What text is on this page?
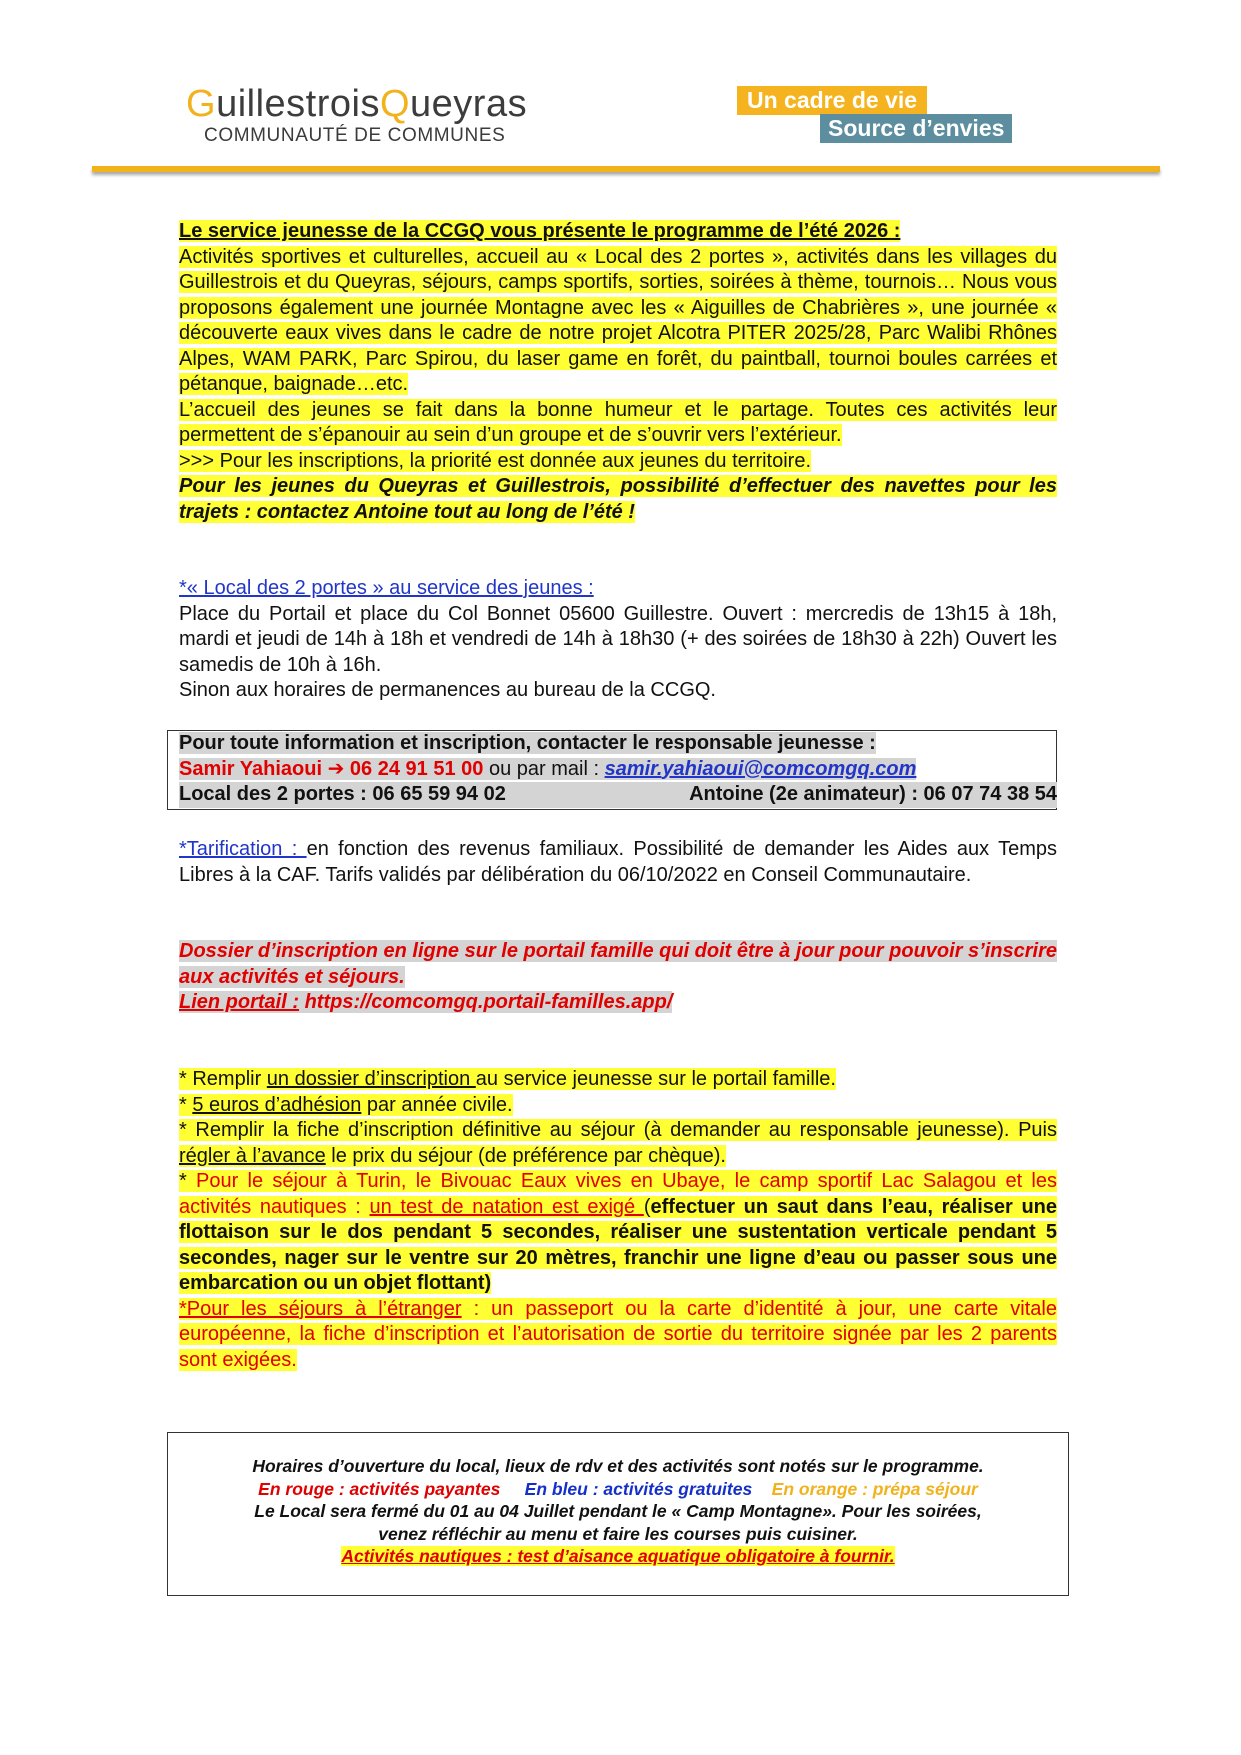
GuillestroisQueyras
COMMUNAUTÉ DE COMMUNES
Un cadre de vie
Source d’envies

Le service jeunesse de la CCGQ vous présente le programme de l’été 2026 :

Activités sportives et culturelles, accueil au « Local des 2 portes », activités dans les villages du Guillestrois et du Queyras, séjours, camps sportifs, sorties, soirées à thème, tournois… Nous vous proposons également une journée Montagne avec les « Aiguilles de Chabrières », une journée « découverte eaux vives dans le cadre de notre projet Alcotra PITER 2025/28, Parc Walibi Rhônes Alpes, WAM PARK, Parc Spirou, du laser game en forêt, du paintball, tournoi boules carrées et pétanque, baignade…etc.

L’accueil des jeunes se fait dans la bonne humeur et le partage. Toutes ces activités leur permettent de s’épanouir au sein d’un groupe et de s’ouvrir vers l’extérieur.

>>> Pour les inscriptions, la priorité est donnée aux jeunes du territoire.

Pour les jeunes du Queyras et Guillestrois, possibilité d’effectuer des navettes pour les trajets : contactez Antoine tout au long de l’été !

*« Local des 2 portes » au service des jeunes :

Place du Portail et place du Col Bonnet 05600 Guillestre. Ouvert : mercredis de 13h15 à 18h, mardi et jeudi de 14h à 18h et vendredi de 14h à 18h30 (+ des soirées de 18h30 à 22h) Ouvert les samedis de 10h à 16h.

Sinon aux horaires de permanences au bureau de la CCGQ.

Pour toute information et inscription, contacter le responsable jeunesse :

Samir Yahiaoui ➔ 06 24 91 51 00 ou par mail : samir.yahiaoui@comcomgq.com

Local des 2 portes : 06 65 59 94 02	Antoine (2e animateur) : 06 07 74 38 54

*Tarification : en fonction des revenus familiaux. Possibilité de demander les Aides aux Temps Libres à la CAF. Tarifs validés par délibération du 06/10/2022 en Conseil Communautaire.

Dossier d’inscription en ligne sur le portail famille qui doit être à jour pour pouvoir s’inscrire aux activités et séjours.

Lien portail : https://comcomgq.portail-familles.app/

* Remplir un dossier d’inscription au service jeunesse sur le portail famille.

* 5 euros d’adhésion par année civile.

* Remplir la fiche d’inscription définitive au séjour (à demander au responsable jeunesse). Puis régler à l’avance le prix du séjour (de préférence par chèque).

* Pour le séjour à Turin, le Bivouac Eaux vives en Ubaye, le camp sportif Lac Salagou et les activités nautiques : un test de natation est exigé (effectuer un saut dans l’eau, réaliser une flottaison sur le dos pendant 5 secondes, réaliser une sustentation verticale pendant 5 secondes, nager sur le ventre sur 20 mètres, franchir une ligne d’eau ou passer sous une embarcation ou un objet flottant)

*Pour les séjours à l’étranger : un passeport ou la carte d’identité à jour, une carte vitale européenne, la fiche d’inscription et l’autorisation de sortie du territoire signée par les 2 parents sont exigées.

Horaires d’ouverture du local, lieux de rdv et des activités sont notés sur le programme.

En rouge : activités payantes En bleu : activités gratuites En orange : prépa séjour

Le Local sera fermé du 01 au 04 Juillet pendant le « Camp Montagne». Pour les soirées,

venez réfléchir au menu et faire les courses puis cuisiner.

Activités nautiques : test d’aisance aquatique obligatoire à fournir.
